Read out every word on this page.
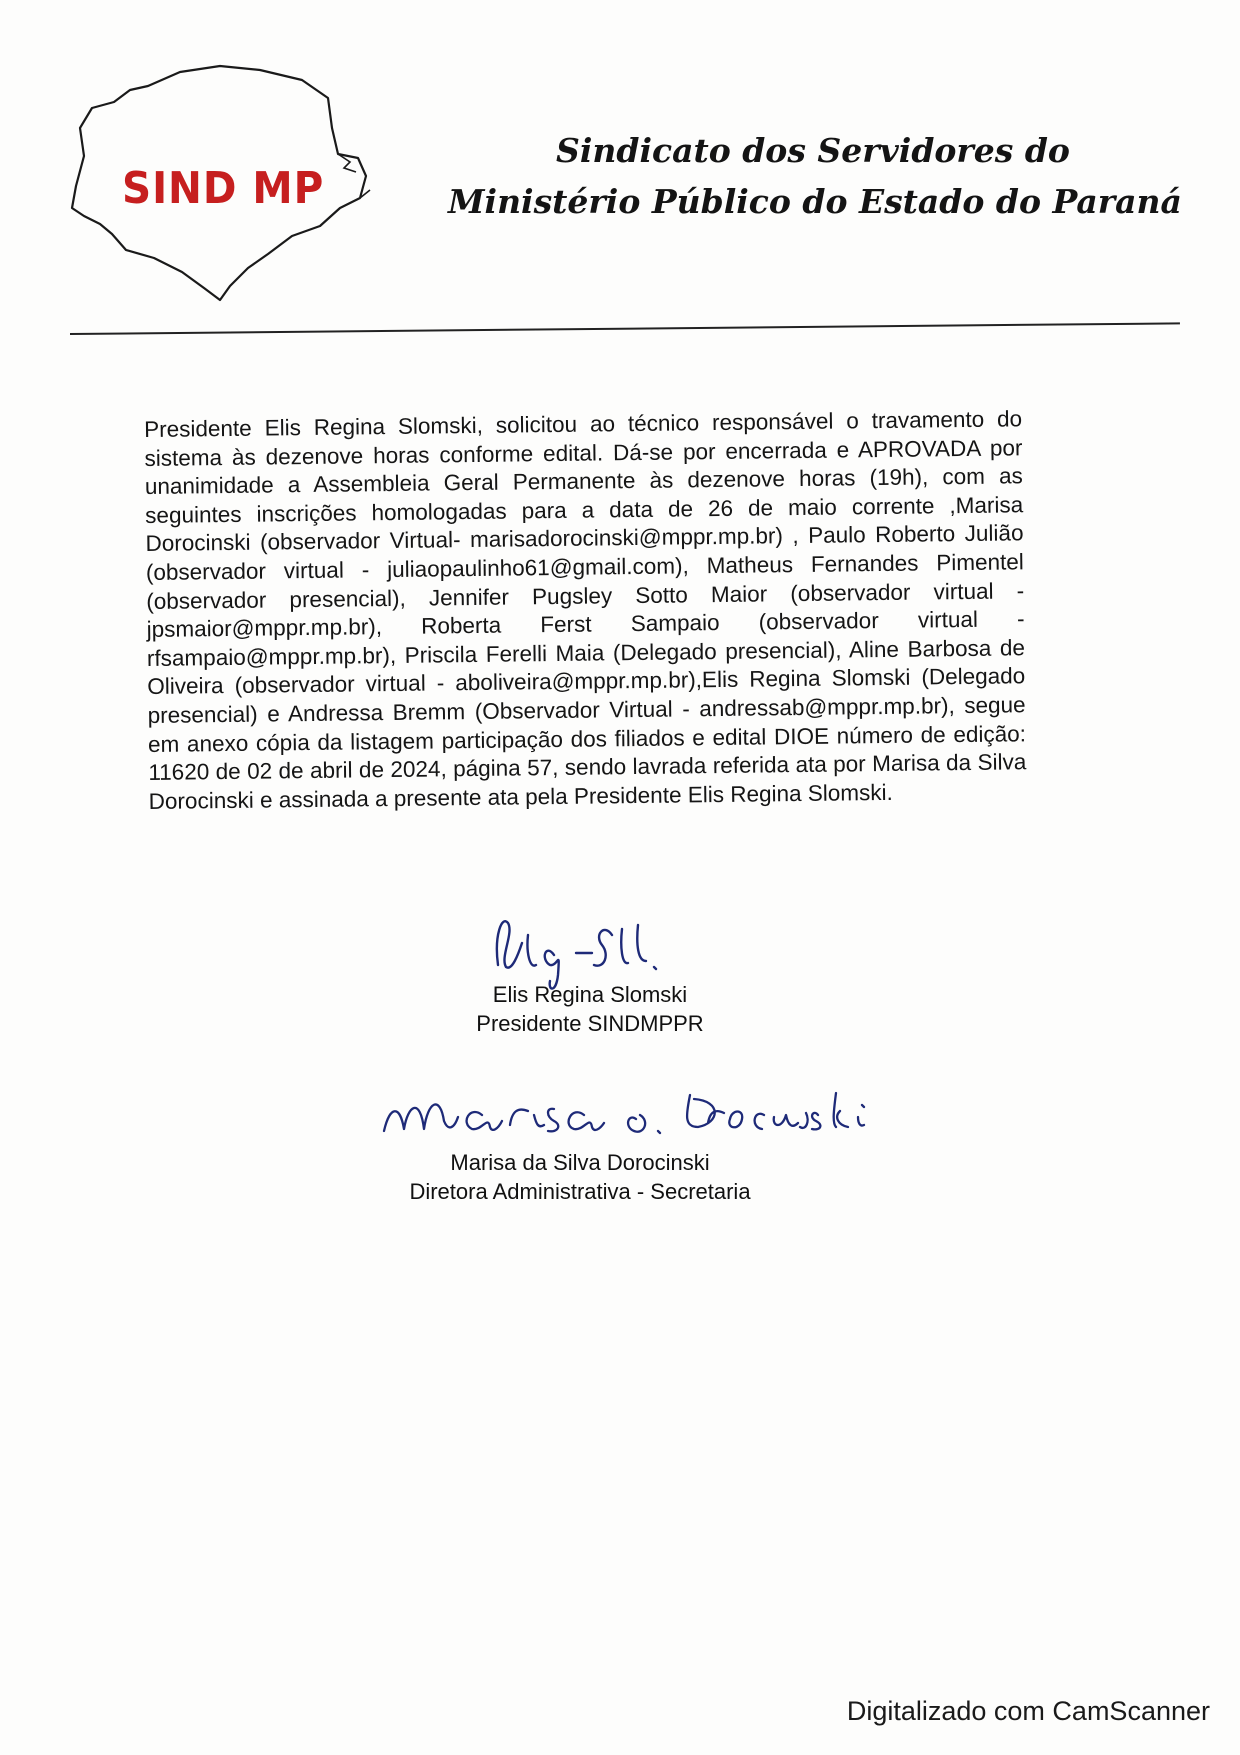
SIND MP
Sindicato dos Servidores do
Ministério Público do Estado do Paraná
Presidente Elis Regina Slomski, solicitou ao técnico responsável o travamento do sistema às dezenove horas conforme edital. Dá-se por encerrada e APROVADA por unanimidade a Assembleia Geral Permanente às dezenove horas (19h), com as seguintes inscrições homologadas para a data de 26 de maio corrente ,Marisa Dorocinski (observador Virtual- marisadorocinski@mppr.mp.br) , Paulo Roberto Julião (observador virtual - juliaopaulinho61@gmail.com), Matheus Fernandes Pimentel (observador presencial), Jennifer Pugsley Sotto Maior (observador virtual - jpsmaior@mppr.mp.br), Roberta Ferst Sampaio (observador virtual - rfsampaio@mppr.mp.br), Priscila Ferelli Maia (Delegado presencial), Aline Barbosa de Oliveira (observador virtual - aboliveira@mppr.mp.br),Elis Regina Slomski (Delegado presencial) e Andressa Bremm (Observador Virtual - andressab@mppr.mp.br), segue em anexo cópia da listagem participação dos filiados e edital DIOE número de edição: 11620 de 02 de abril de 2024, página 57, sendo lavrada referida ata por Marisa da Silva Dorocinski e assinada a presente ata pela Presidente Elis Regina Slomski.
Elis Regina Slomski
Presidente SINDMPPR
Marisa da Silva Dorocinski
Diretora Administrativa - Secretaria
Digitalizado com CamScanner
